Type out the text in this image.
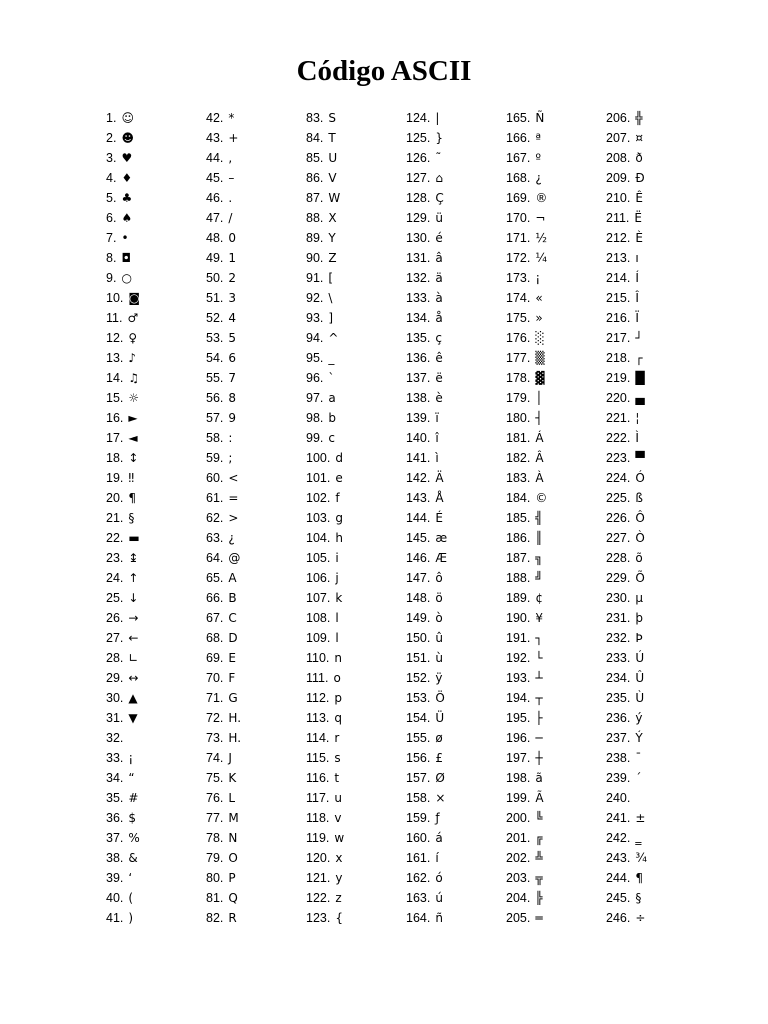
Código ASCII
1. ☺
2. ☻
3. ♥
4. ♦
5. ♣
6. ♠
7. •
8. ◘
9. ○
10. ◙
11. ♂
12. ♀
13. ♪
14. ♫
15. ☼
16. ►
17. ◄
18. ↕
19. ‼
20. ¶
21. §
22. ▬
23. ↨
24. ↑
25. ↓
26. →
27. ←
28. ∟
29. ↔
30. ▲
31. ▼
32.
33. ¡
34. “
35. #
36. $
37. %
38. &
39. ‘
40. (
41. )
42. *
43. +
44. ,
45. –
46. .
47. /
48. 0
49. 1
50. 2
51. 3
52. 4
53. 5
54. 6
55. 7
56. 8
57. 9
58. :
59. ;
60. <
61. =
62. >
63. ¿
64. @
65. A
66. B
67. C
68. D
69. E
70. F
71. G
72. H.
73. H.
74. J
75. K
76. L
77. M
78. N
79. O
80. P
81. Q
82. R
83. S
84. T
85. U
86. V
87. W
88. X
89. Y
90. Z
91. [
92. \
93. ]
94. ^
95. _
96. `
97. a
98. b
99. c
100. d
101. e
102. f
103. g
104. h
105. i
106. j
107. k
108. l
109. l
110. n
111. o
112. p
113. q
114. r
115. s
116. t
117. u
118. v
119. w
120. x
121. y
122. z
123. {
124. |
125. }
126. ˜
127. ⌂
128. Ç
129. ü
130. é
131. â
132. ä
133. à
134. å
135. ç
136. ê
137. ë
138. è
139. ï
140. î
141. ì
142. Ä
143. Å
144. É
145. æ
146. Æ
147. ô
148. ö
149. ò
150. û
151. ù
152. ÿ
153. Ö
154. Ü
155. ø
156. £
157. Ø
158. ×
159. ƒ
160. á
161. í
162. ó
163. ú
164. ñ
165. Ñ
166. ª
167. º
168. ¿
169. ®
170. ¬
171. ½
172. ¼
173. ¡
174. «
175. »
176. ░
177. ▒
178. ▓
179. │
180. ┤
181. Á
182. Â
183. À
184. ©
185. ╣
186. ║
187. ╗
188. ╝
189. ¢
190. ¥
191. ┐
192. └
193. ┴
194. ┬
195. ├
196. ─
197. ┼
198. ã
199. Ã
200. ╚
201. ╔
202. ╩
203. ╦
204. ╠
205. ═
206. ╬
207. ¤
208. ð
209. Ð
210. Ê
211. Ë
212. È
213. ı
214. Í
215. Î
216. Ï
217. ┘
218. ┌
219. █
220. ▄
221. ¦
222. Ì
223. ▀
224. Ó
225. ß
226. Ô
227. Ò
228. õ
229. Õ
230. µ
231. þ
232. Þ
233. Ú
234. Û
235. Ù
236. ý
237. Ý
238. ¯
239. ´
240.
241. ±
242. ‗
243. ¾
244. ¶
245. §
246. ÷
